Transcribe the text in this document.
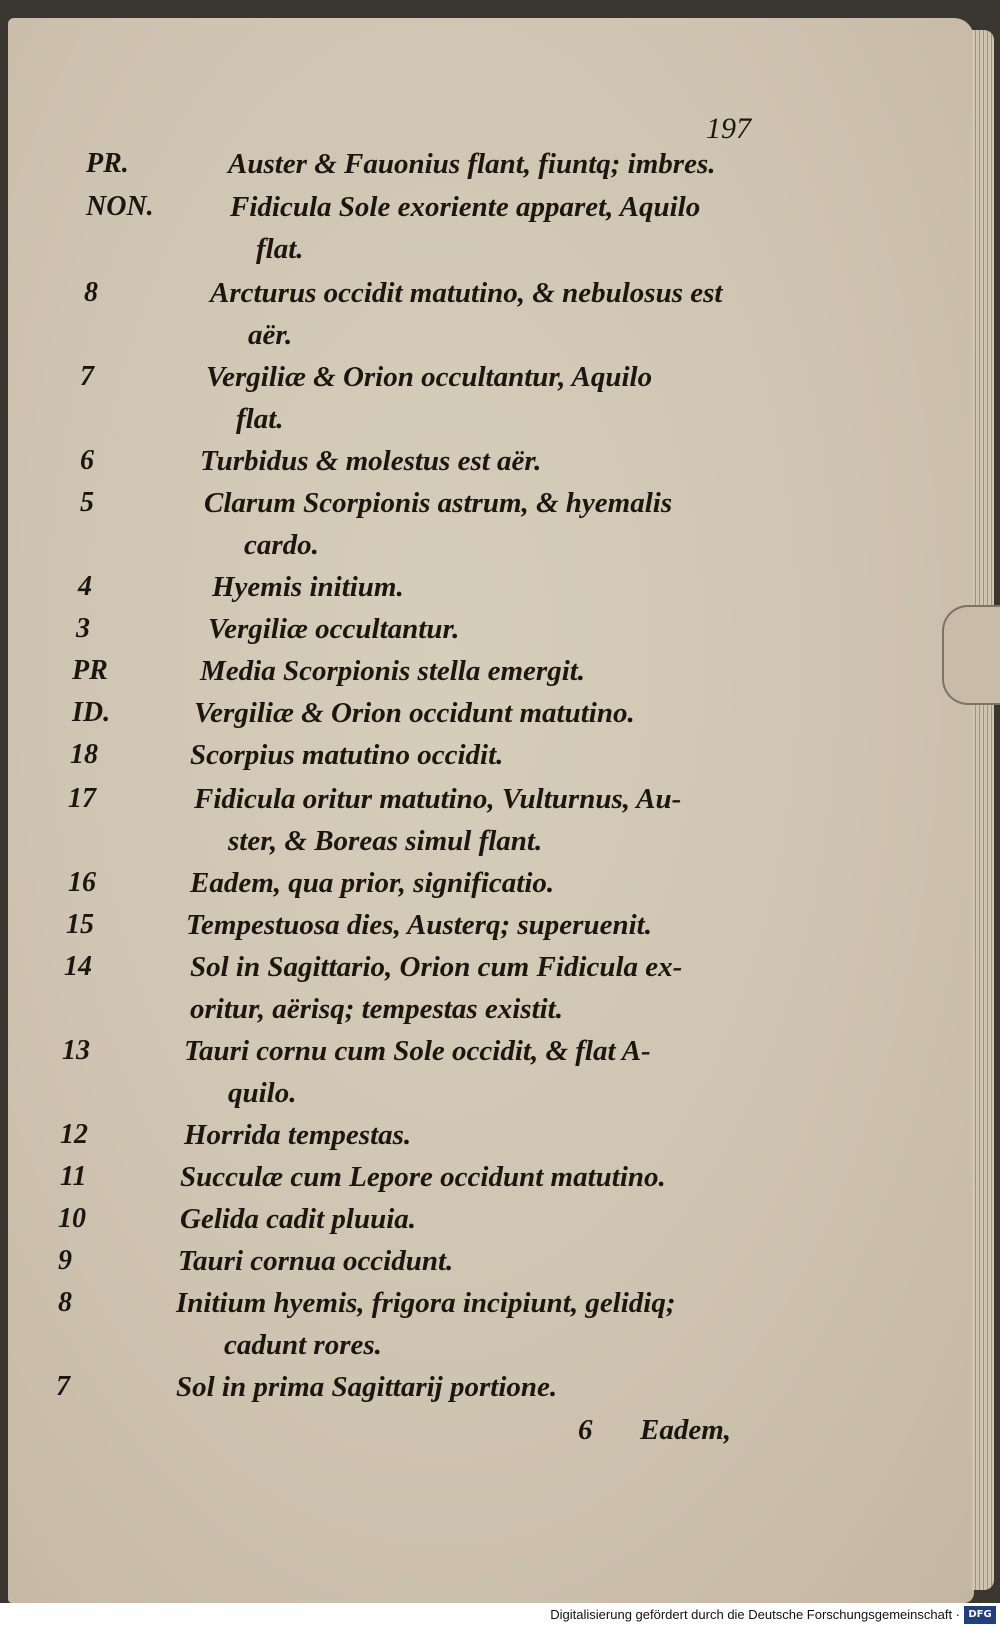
197
PR.	Auster & Fauonius flant, fiuntq; imbres.
NON.	Fidicula Sole exoriente apparet, Aquilo
flat.
8	Arcturus occidit matutino, & nebulosus est
aër.
7	Vergiliæ & Orion occultantur, Aquilo
flat.
6	Turbidus & molestus est aër.
5	Clarum Scorpionis astrum, & hyemalis
cardo.
4	Hyemis initium.
3	Vergiliæ occultantur.
PR	Media Scorpionis stella emergit.
ID.	Vergiliæ & Orion occidunt matutino.
18	Scorpius matutino occidit.
17	Fidicula oritur matutino, Vulturnus, Au-
ster, & Boreas simul flant.
16	Eadem, qua prior, significatio.
15	Tempestuosa dies, Austerq; superuenit.
14	Sol in Sagittario, Orion cum Fidicula ex-
oritur, aërisq; tempestas existit.
13	Tauri cornu cum Sole occidit, & flat A-
quilo.
12	Horrida tempestas.
11	Succulæ cum Lepore occidunt matutino.
10	Gelida cadit pluuia.
9	Tauri cornua occidunt.
8	Initium hyemis, frigora incipiunt, gelidiq;
cadunt rores.
7	Sol in prima Sagittarij portione.
6 Eadem,
Digitalisierung gefördert durch die Deutsche Forschungsgemeinschaft · DFG
